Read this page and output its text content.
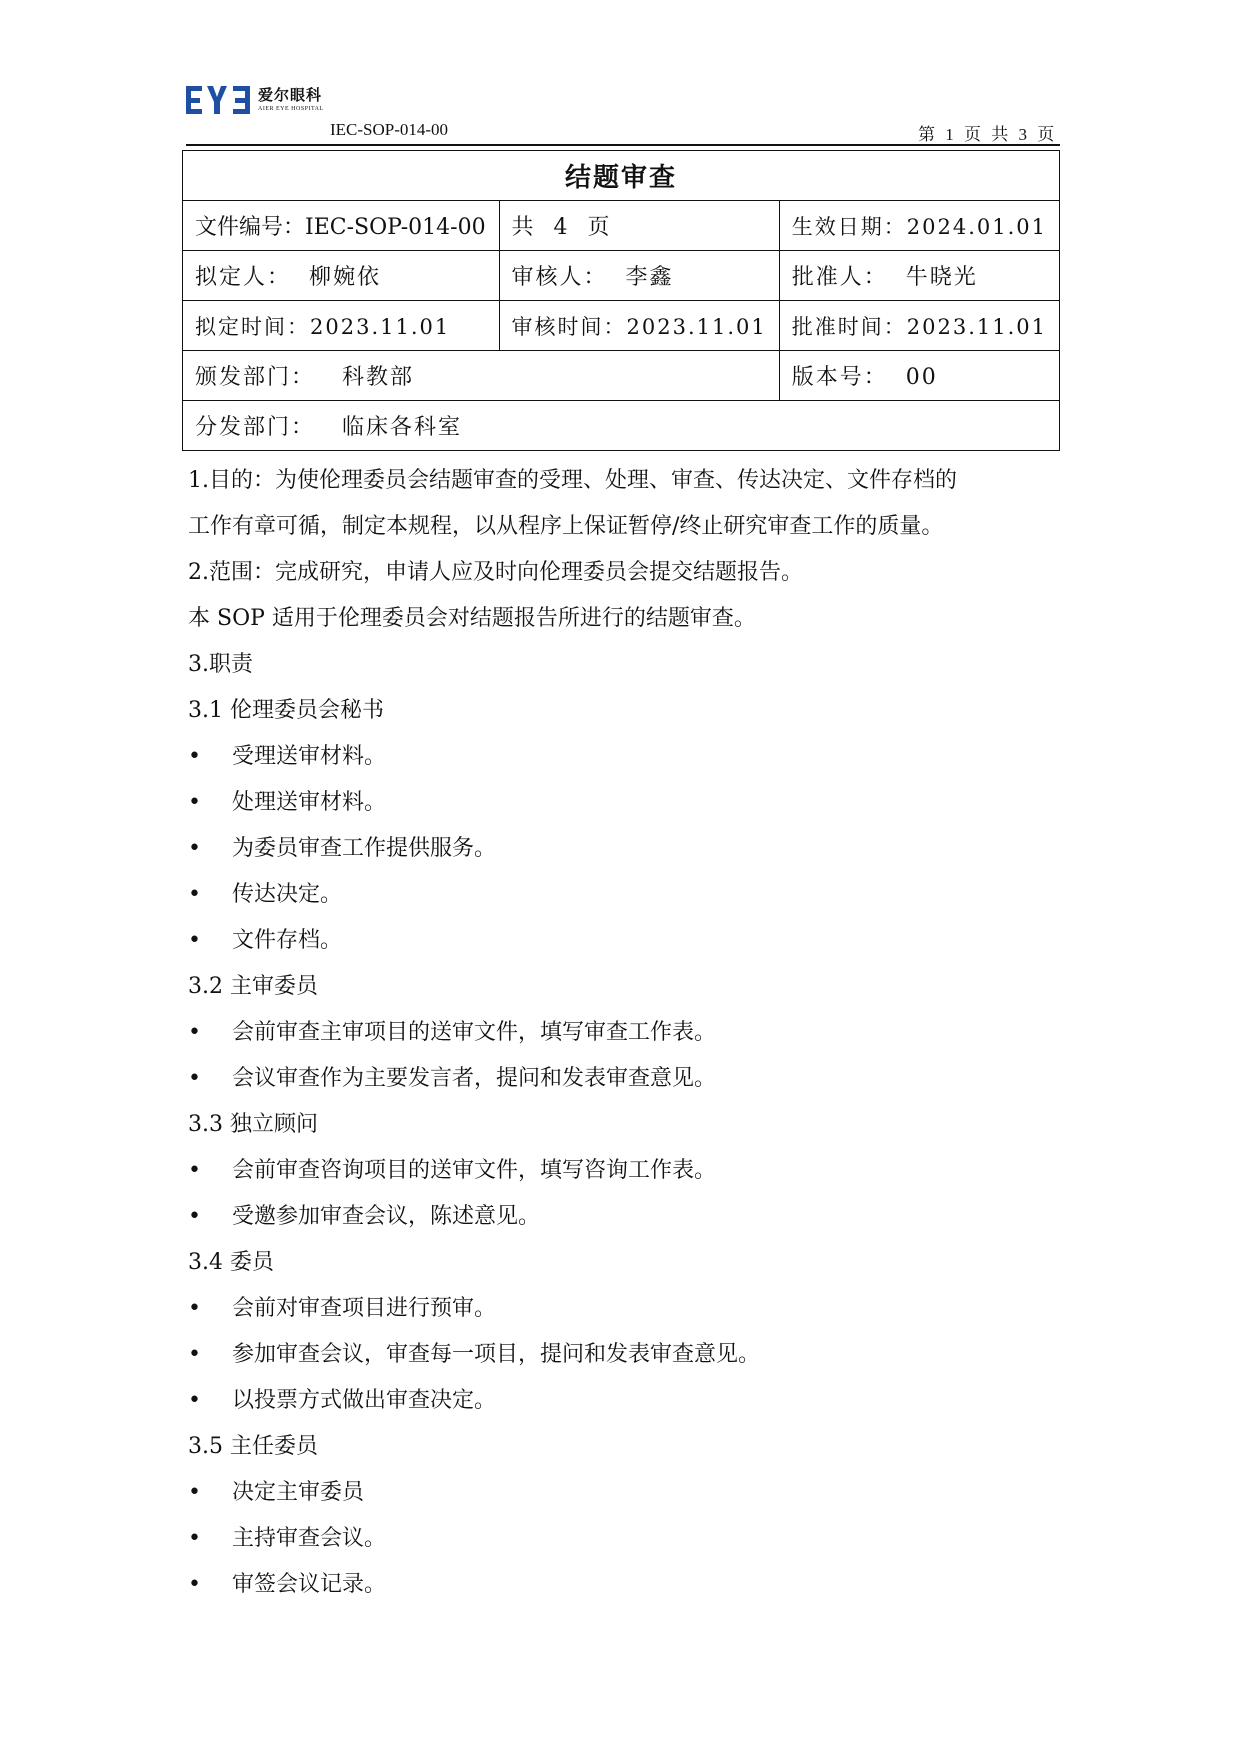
爱尔眼科
AIER EYE HOSPITAL
IEC-SOP-014-00	第 1 页 共 3 页
结题审查		
文件编号：IEC-SOP-014-00	共  4  页	生效日期：2024.01.01
拟定人：  柳婉依	审核人：  李鑫	批准人：  牛晓光
拟定时间：2023.11.01	审核时间：2023.11.01	批准时间：2023.11.01
颁发部门：   科教部		版本号：  00
分发部门：   临床各科室		

1.目的：为使伦理委员会结题审查的受理、处理、审查、传达决定、文件存档的

工作有章可循，制定本规程，以从程序上保证暂停/终止研究审查工作的质量。

2.范围：完成研究，申请人应及时向伦理委员会提交结题报告。

本 SOP 适用于伦理委员会对结题报告所进行的结题审查。

3.职责

3.1 伦理委员会秘书

•	受理送审材料。

•	处理送审材料。

•	为委员审查工作提供服务。

•	传达决定。

•	文件存档。

3.2 主审委员

•	会前审查主审项目的送审文件，填写审查工作表。

•	会议审查作为主要发言者，提问和发表审查意见。

3.3 独立顾问

•	会前审查咨询项目的送审文件，填写咨询工作表。

•	受邀参加审查会议，陈述意见。

3.4 委员

•	会前对审查项目进行预审。

•	参加审查会议，审查每一项目，提问和发表审查意见。

•	以投票方式做出审查决定。

3.5 主任委员

•	决定主审委员

•	主持审查会议。

•	审签会议记录。
